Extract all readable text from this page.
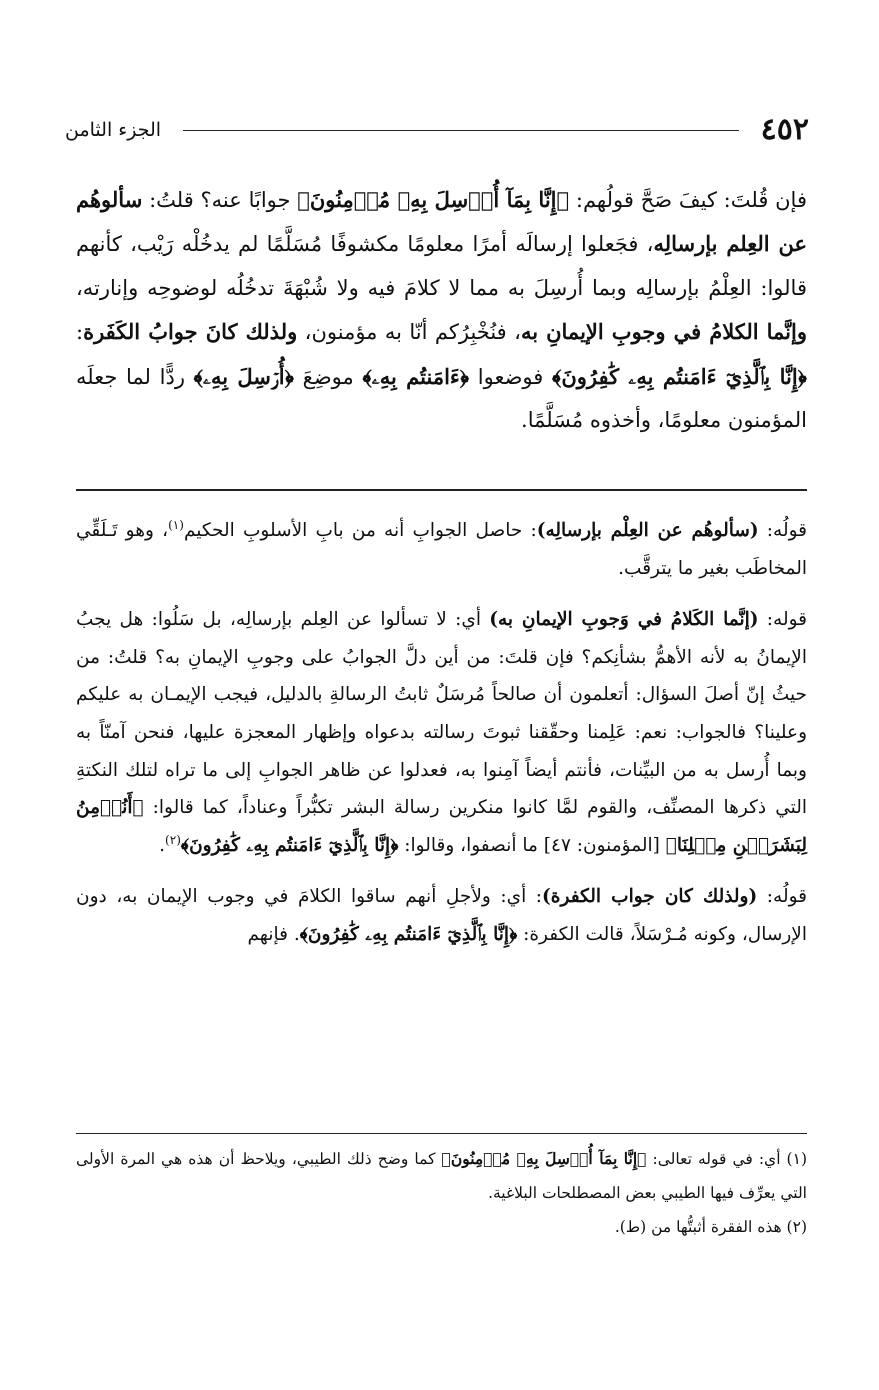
٤٥٢
الجزء الثامن

فإن قُلتَ: كيفَ صَحَّ قولُهم: ﴿إِنَّا بِمَآ أُرۡسِلَ بِهِۦ مُؤۡمِنُونَ﴾ جوابًا عنه؟ قلتُ: سألوهُم عن العِلم بإرسالِه، فجَعلوا إرسالَه أمرًا معلومًا مكشوفًا مُسَلَّمًا لم يدخُلْه رَيْب، كأنهم قالوا: العِلْمُ بإرسالِه وبما أُرسِلَ به مما لا كلامَ فيه ولا شُبْهَةَ تدخُلُه لوضوحِه وإنارته، وإنَّما الكلامُ في وجوبِ الإيمانِ به، فنُخْبِرُكم أنّا به مؤمنون، ولذلك كانَ جوابُ الكَفَرة: ﴿إِنَّا بِٱلَّذِيٓ ءَامَنتُم بِهِۦ كَٰفِرُونَ﴾ فوضعوا ﴿ءَامَنتُم بِهِۦ﴾ موضِعَ ﴿أُرۡسِلَ بِهِۦ﴾ ردًّا لما جعلَه المؤمنون معلومًا، وأخذوه مُسَلَّمًا.

قولُه: (سألوهُم عن العِلْم بإرسالِه): حاصل الجوابِ أنه من بابِ الأسلوبِ الحكيم$^{(١)}$، وهو تَـلَقِّي المخاطَب بغير ما يترقَّب.

قوله: (إنَّما الكَلامُ في وَجوبِ الإيمانِ به) أي: لا تسألوا عن العِلم بإرسالِه، بل سَلُوا: هل يجبُ الإيمانُ به لأنه الأهمُّ بشأنِكم؟ فإن قلتَ: من أين دلَّ الجوابُ على وجوبِ الإيمانِ به؟ قلتُ: من حيثُ إنّ أصلَ السؤال: أتعلمون أن صالحاً مُرسَلٌ ثابتُ الرسالةِ بالدليل، فيجب الإيمـان به عليكم وعلينا؟ فالجواب: نعم: عَلِمنا وحقّقنا ثبوتَ رسالته بدعواه وإظهار المعجزة عليها، فنحن آمنّاً به وبما أُرسل به من البيِّنات، فأنتم أيضاً آمِنوا به، فعدلوا عن ظاهر الجوابِ إلى ما تراه لتلك النكتةِ التي ذكرها المصنِّف، والقوم لمَّا كانوا منكرين رسالة البشر تكبُّراً وعناداً، كما قالوا: ﴿أَنُؤۡمِنُ لِبَشَرَيۡنِ مِثۡلِنَا﴾ [المؤمنون: ٤٧] ما أنصفوا، وقالوا: ﴿إِنَّا بِٱلَّذِيٓ ءَامَنتُم بِهِۦ كَٰفِرُونَ﴾$^{(٢)}$.

قولُه: (ولذلك كان جواب الكفرة): أي: ولأجلِ أنهم ساقوا الكلامَ في وجوب الإيمان به، دون الإرسال، وكونه مُـرْسَلاً، قالت الكفرة: ﴿إِنَّا بِٱلَّذِيٓ ءَامَنتُم بِهِۦ كَٰفِرُونَ﴾. فإنهم

(١) أي: في قوله تعالى: ﴿إِنَّا بِمَآ أُرۡسِلَ بِهِۦ مُؤۡمِنُونَ﴾ كما وضح ذلك الطيبي، ويلاحظ أن هذه هي المرة الأولى التي يعرِّف فيها الطيبي بعض المصطلحات البلاغية.

(٢) هذه الفقرة أثبتُّها من (ط).
